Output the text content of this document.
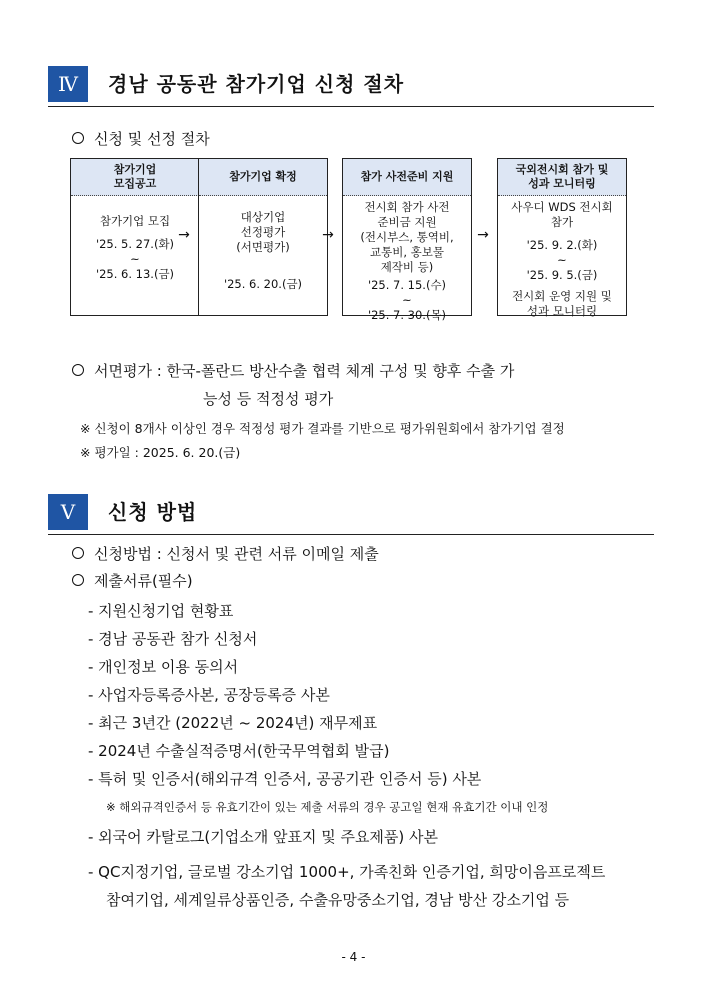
Ⅳ	경남 공동관 참가기업 신청 절차
신청 및 선정 절차
참가기업
모집공고
참가기업 모집
'25. 5. 27.(화)
~
'25. 6. 13.(금)
→
참가기업 확정
대상기업
선정평가
(서면평가)
'25. 6. 20.(금)
→
참가 사전준비 지원
전시회 참가 사전
준비금 지원
(전시부스, 통역비,
교통비, 홍보물
제작비 등)
'25. 7. 15.(수)
~
'25. 7. 30.(목)
→
국외전시회 참가 및
성과 모니터링
사우디 WDS 전시회
참가
'25. 9. 2.(화)
~
'25. 9. 5.(금)
전시회 운영 지원 및
성과 모니터링
서면평가 : 한국-폴란드 방산수출 협력 체계 구성 및 향후 수출 가
능성 등 적정성 평가
※ 신청이 8개사 이상인 경우 적정성 평가 결과를 기반으로 평가위원회에서 참가기업 결정
※ 평가일 : 2025. 6. 20.(금)
Ⅴ	신청 방법
신청방법 : 신청서 및 관련 서류 이메일 제출
제출서류(필수)
- 지원신청기업 현황표
- 경남 공동관 참가 신청서
- 개인정보 이용 동의서
- 사업자등록증사본, 공장등록증 사본
- 최근 3년간 (2022년 ~ 2024년) 재무제표
- 2024년 수출실적증명서(한국무역협회 발급)
- 특허 및 인증서(해외규격 인증서, 공공기관 인증서 등) 사본
※ 해외규격인증서 등 유효기간이 있는 제출 서류의 경우 공고일 현재 유효기간 이내 인정
- 외국어 카탈로그(기업소개 앞표지 및 주요제품) 사본
- QC지정기업, 글로벌 강소기업 1000+, 가족친화 인증기업, 희망이음프로젝트
참여기업, 세계일류상품인증, 수출유망중소기업, 경남 방산 강소기업 등
- 4 -
